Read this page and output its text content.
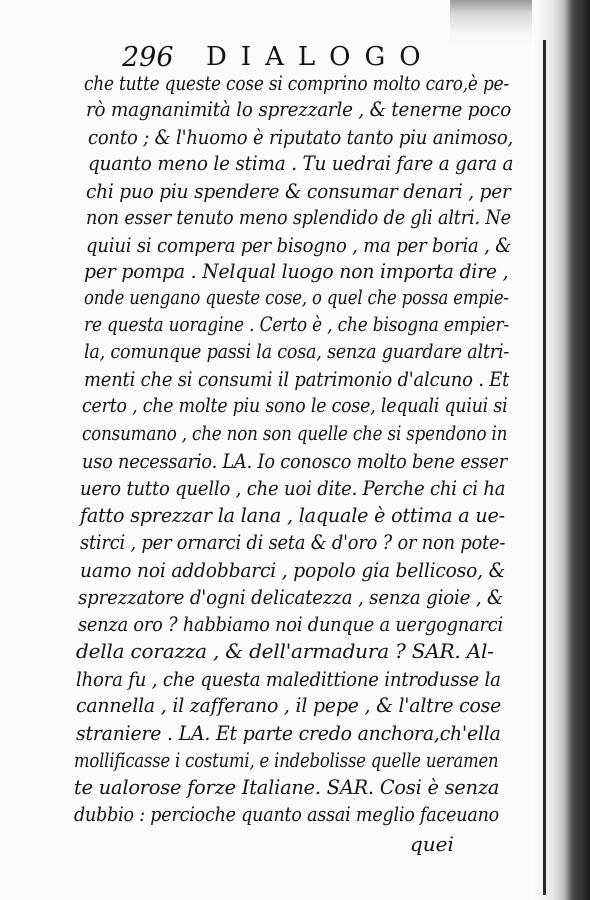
296 DIALOGO
che tutte queste cose si comprino molto caro,è pe-
rò magnanimità lo sprezzarle , & tenerne poco
conto ; & l'huomo è riputato tanto piu animoso,
quanto meno le stima . Tu uedrai fare a gara a
chi puo piu spendere & consumar denari , per
non esser tenuto meno splendido de gli altri. Ne
quiui si compera per bisogno , ma per boria , &
per pompa . Nelqual luogo non importa dire ,
onde uengano queste cose, o quel che possa empie-
re questa uoragine . Certo è , che bisogna empier-
la, comunque passi la cosa, senza guardare altri-
menti che si consumi il patrimonio d'alcuno . Et
certo , che molte piu sono le cose, lequali quiui si
consumano , che non son quelle che si spendono in
uso necessario. LA. Io conosco molto bene esser
uero tutto quello , che uoi dite. Perche chi ci ha
fatto sprezzar la lana , laquale è ottima a ue-
stirci , per ornarci di seta & d'oro ? or non pote-
uamo noi addobbarci , popolo gia bellicoso, &
sprezzatore d'ogni delicatezza , senza gioie , &
senza oro ? habbiamo noi dunque a uergognarci
della corazza , & dell'armadura ? SAR. Al-
lhora fu , che questa maledittione introdusse la
cannella , il zafferano , il pepe , & l'altre cose
straniere . LA. Et parte credo anchora,ch'ella
mollificasse i costumi, e indebolisse quelle ueramen
te ualorose forze Italiane. SAR. Cosi è senza
dubbio : percioche quanto assai meglio faceuano
quei
